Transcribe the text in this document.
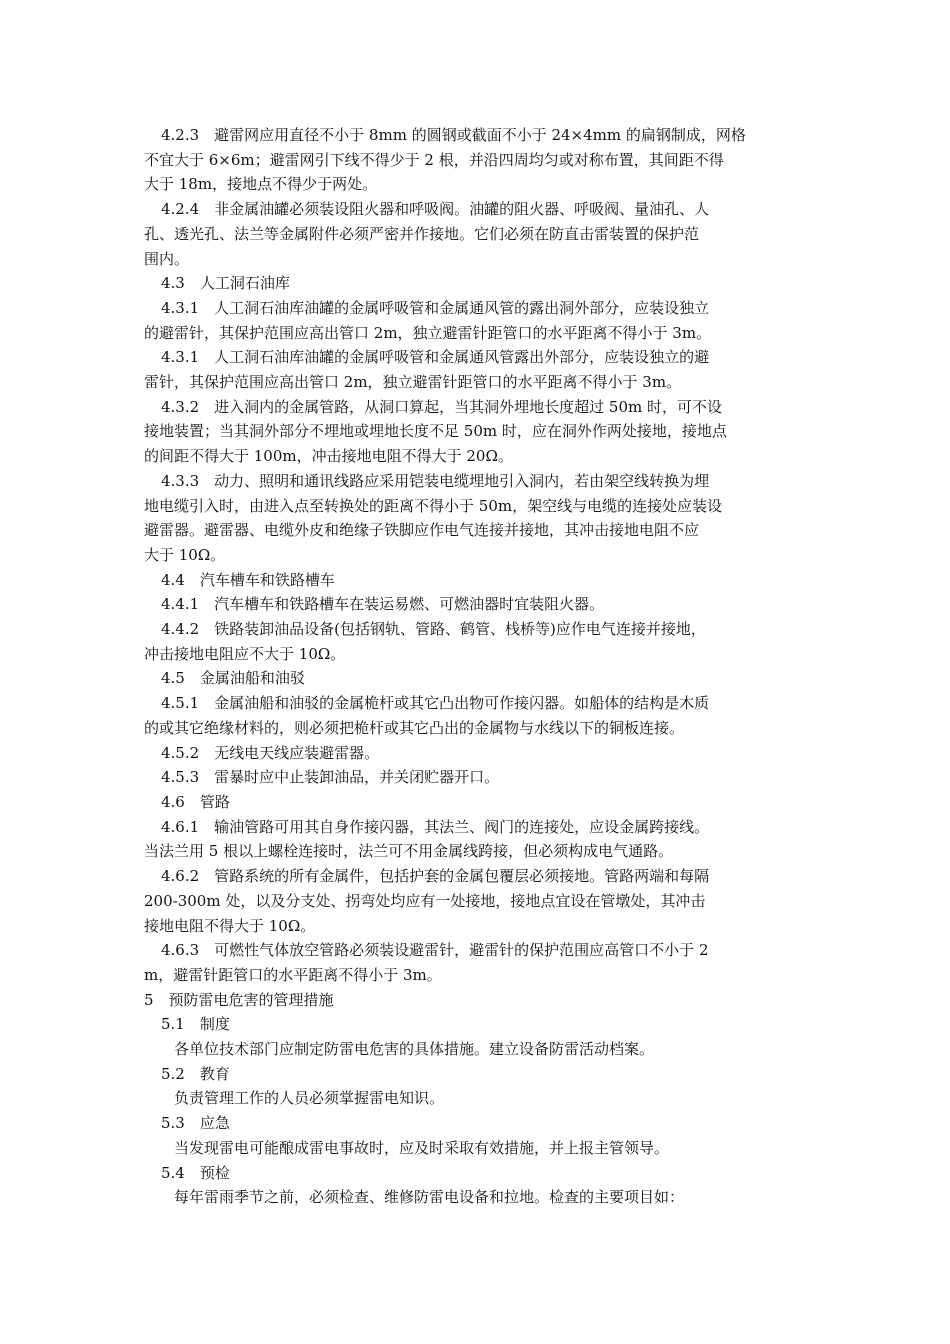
4.2.3　避雷网应用直径不小于 8mm 的圆钢或截面不小于 24×4mm 的扁钢制成，网格
不宜大于 6×6m；避雷网引下线不得少于 2 根，并沿四周均匀或对称布置，其间距不得
大于 18m，接地点不得少于两处。
4.2.4　非金属油罐必须装设阻火器和呼吸阀。油罐的阻火器、呼吸阀、量油孔、人
孔、透光孔、法兰等金属附件必须严密并作接地。它们必须在防直击雷装置的保护范
围内。
4.3　人工洞石油库
4.3.1　人工洞石油库油罐的金属呼吸管和金属通风管的露出洞外部分，应装设独立
的避雷针，其保护范围应高出管口 2m，独立避雷针距管口的水平距离不得小于 3m。
4.3.1　人工洞石油库油罐的金属呼吸管和金属通风管露出外部分，应装设独立的避
雷针，其保护范围应高出管口 2m，独立避雷针距管口的水平距离不得小于 3m。
4.3.2　进入洞内的金属管路，从洞口算起，当其洞外埋地长度超过 50m 时，可不设
接地装置；当其洞外部分不埋地或埋地长度不足 50m 时，应在洞外作两处接地，接地点
的间距不得大于 100m，冲击接地电阻不得大于 20Ω。
4.3.3　动力、照明和通讯线路应采用铠装电缆埋地引入洞内，若由架空线转换为埋
地电缆引入时，由进入点至转换处的距离不得小于 50m，架空线与电缆的连接处应装设
避雷器。避雷器、电缆外皮和绝缘子铁脚应作电气连接并接地，其冲击接地电阻不应
大于 10Ω。
4.4　汽车槽车和铁路槽车
4.4.1　汽车槽车和铁路槽车在装运易燃、可燃油器时宜装阻火器。
4.4.2　铁路装卸油品设备(包括钢轨、管路、鹤管、栈桥等)应作电气连接并接地，
冲击接地电阻应不大于 10Ω。
4.5　金属油船和油驳
4.5.1　金属油船和油驳的金属桅杆或其它凸出物可作接闪器。如船体的结构是木质
的或其它绝缘材料的，则必须把桅杆或其它凸出的金属物与水线以下的铜板连接。
4.5.2　无线电天线应装避雷器。
4.5.3　雷暴时应中止装卸油品，并关闭贮器开口。
4.6　管路
4.6.1　输油管路可用其自身作接闪器，其法兰、阀门的连接处，应设金属跨接线。
当法兰用 5 根以上螺栓连接时，法兰可不用金属线跨接，但必须构成电气通路。
4.6.2　管路系统的所有金属件，包括护套的金属包覆层必须接地。管路两端和每隔
200-300m 处，以及分支处、拐弯处均应有一处接地，接地点宜设在管墩处，其冲击
接地电阻不得大于 10Ω。
4.6.3　可燃性气体放空管路必须装设避雷针，避雷针的保护范围应高管口不小于 2
m，避雷针距管口的水平距离不得小于 3m。
5　预防雷电危害的管理措施
5.1　制度
各单位技术部门应制定防雷电危害的具体措施。建立设备防雷活动档案。
5.2　教育
负责管理工作的人员必须掌握雷电知识。
5.3　应急
当发现雷电可能酿成雷电事故时，应及时采取有效措施，并上报主管领导。
5.4　预检
每年雷雨季节之前，必须检查、维修防雷电设备和拉地。检查的主要项目如：
